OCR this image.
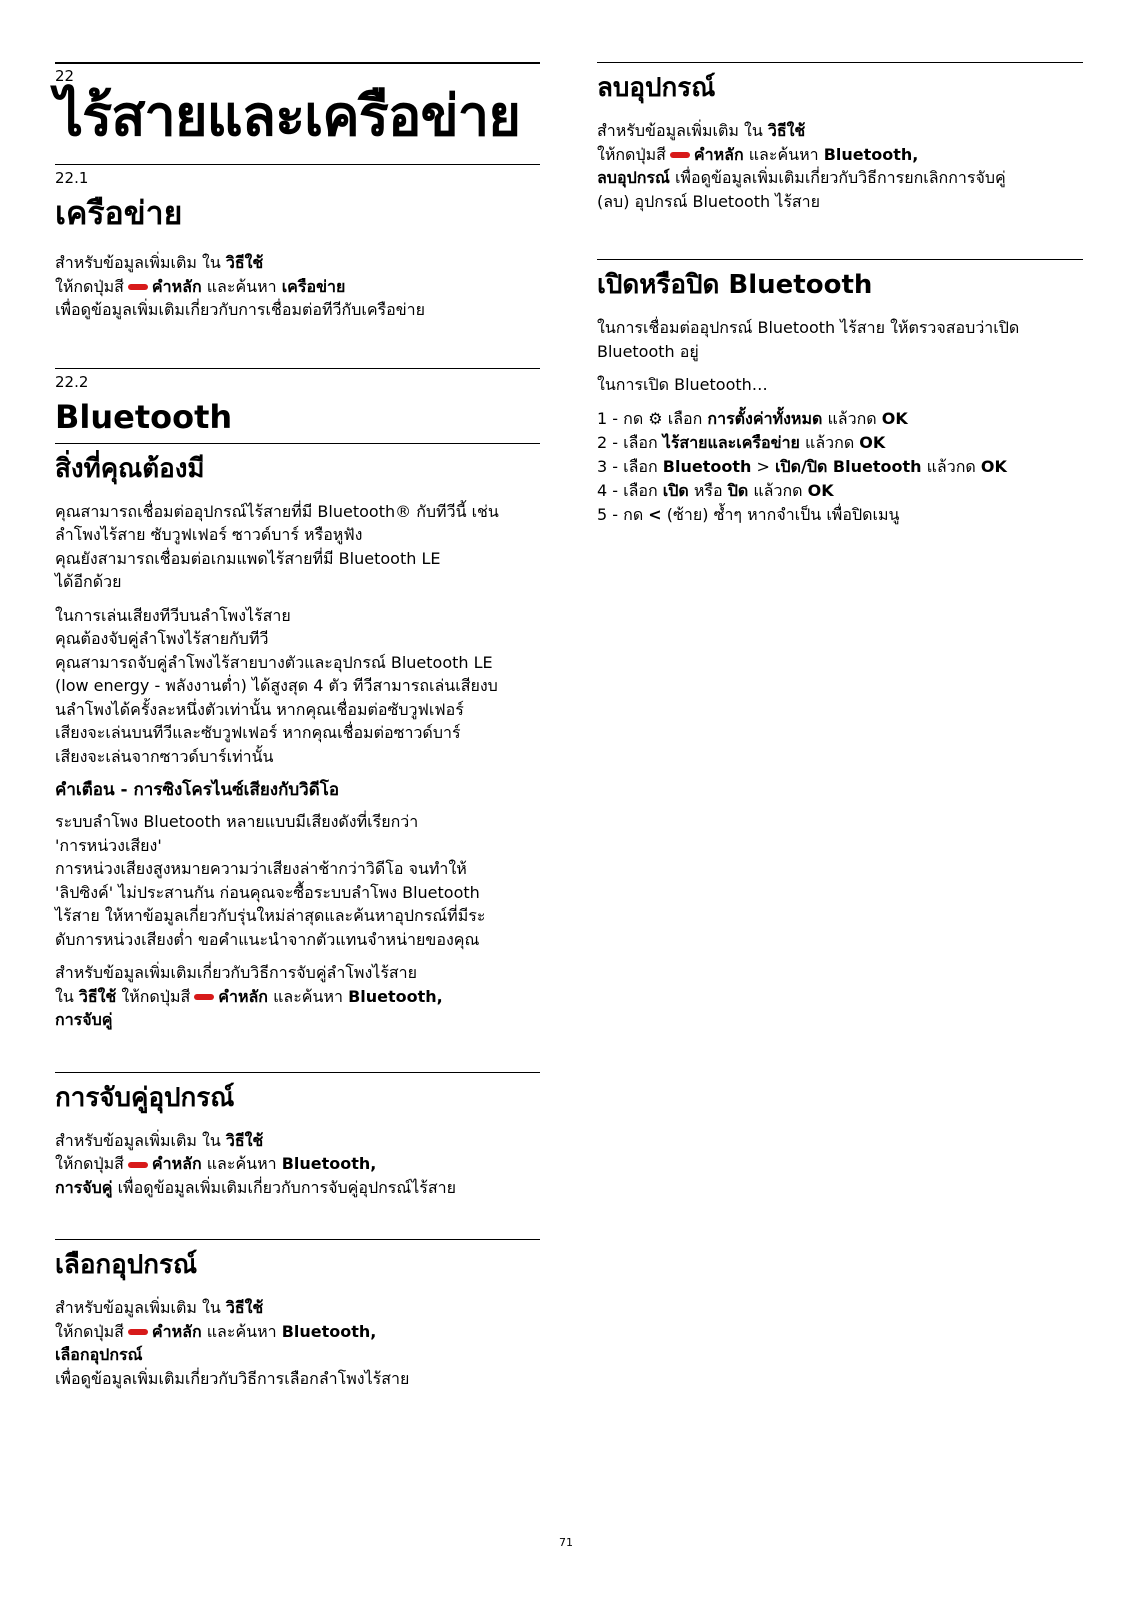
22
ไร้สายและเครือข่าย
22.1
เครือข่าย

สำหรับข้อมูลเพิ่มเติม ใน วิธีใช้
ให้กดปุ่มสี คำหลัก และค้นหา เครือข่าย
เพื่อดูข้อมูลเพิ่มเติมเกี่ยวกับการเชื่อมต่อทีวีกับเครือข่าย

22.2
Bluetooth
สิ่งที่คุณต้องมี

คุณสามารถเชื่อมต่ออุปกรณ์ไร้สายที่มี Bluetooth® กับทีวีนี้ เช่น
ลำโพงไร้สาย ซับวูฟเฟอร์ ซาวด์บาร์ หรือหูฟัง
คุณยังสามารถเชื่อมต่อเกมแพดไร้สายที่มี Bluetooth LE
ได้อีกด้วย

ในการเล่นเสียงทีวีบนลำโพงไร้สาย
คุณต้องจับคู่ลำโพงไร้สายกับทีวี
คุณสามารถจับคู่ลำโพงไร้สายบางตัวและอุปกรณ์ Bluetooth LE
(low energy - พลังงานต่ำ) ได้สูงสุด 4 ตัว ทีวีสามารถเล่นเสียงบ
นลำโพงได้ครั้งละหนึ่งตัวเท่านั้น หากคุณเชื่อมต่อซับวูฟเฟอร์
เสียงจะเล่นบนทีวีและซับวูฟเฟอร์ หากคุณเชื่อมต่อซาวด์บาร์
เสียงจะเล่นจากซาวด์บาร์เท่านั้น

คำเตือน - การซิงโครไนซ์เสียงกับวิดีโอ

ระบบลำโพง Bluetooth หลายแบบมีเสียงดังที่เรียกว่า
'การหน่วงเสียง'
การหน่วงเสียงสูงหมายความว่าเสียงล่าช้ากว่าวิดีโอ จนทำให้
'ลิปซิงค์' ไม่ประสานกัน ก่อนคุณจะซื้อระบบลำโพง Bluetooth
ไร้สาย ให้หาข้อมูลเกี่ยวกับรุ่นใหม่ล่าสุดและค้นหาอุปกรณ์ที่มีระ
ดับการหน่วงเสียงต่ำ ขอคำแนะนำจากตัวแทนจำหน่ายของคุณ

สำหรับข้อมูลเพิ่มเติมเกี่ยวกับวิธีการจับคู่ลำโพงไร้สาย
ใน วิธีใช้ ให้กดปุ่มสี คำหลัก และค้นหา Bluetooth,
การจับคู่

การจับคู่อุปกรณ์

สำหรับข้อมูลเพิ่มเติม ใน วิธีใช้
ให้กดปุ่มสี คำหลัก และค้นหา Bluetooth,
การจับคู่ เพื่อดูข้อมูลเพิ่มเติมเกี่ยวกับการจับคู่อุปกรณ์ไร้สาย

เลือกอุปกรณ์

สำหรับข้อมูลเพิ่มเติม ใน วิธีใช้
ให้กดปุ่มสี คำหลัก และค้นหา Bluetooth,
เลือกอุปกรณ์
เพื่อดูข้อมูลเพิ่มเติมเกี่ยวกับวิธีการเลือกลำโพงไร้สาย

ลบอุปกรณ์

สำหรับข้อมูลเพิ่มเติม ใน วิธีใช้
ให้กดปุ่มสี คำหลัก และค้นหา Bluetooth,
ลบอุปกรณ์ เพื่อดูข้อมูลเพิ่มเติมเกี่ยวกับวิธีการยกเลิกการจับคู่
(ลบ) อุปกรณ์ Bluetooth ไร้สาย

เปิดหรือปิด Bluetooth

ในการเชื่อมต่ออุปกรณ์ Bluetooth ไร้สาย ให้ตรวจสอบว่าเปิด
Bluetooth อยู่

ในการเปิด Bluetooth…

1 - กด ⚙ เลือก การตั้งค่าทั้งหมด แล้วกด OK
2 - เลือก ไร้สายและเครือข่าย แล้วกด OK
3 - เลือก Bluetooth > เปิด/ปิด Bluetooth แล้วกด OK
4 - เลือก เปิด หรือ ปิด แล้วกด OK
5 - กด < (ซ้าย) ซ้ำๆ หากจำเป็น เพื่อปิดเมนู
71
